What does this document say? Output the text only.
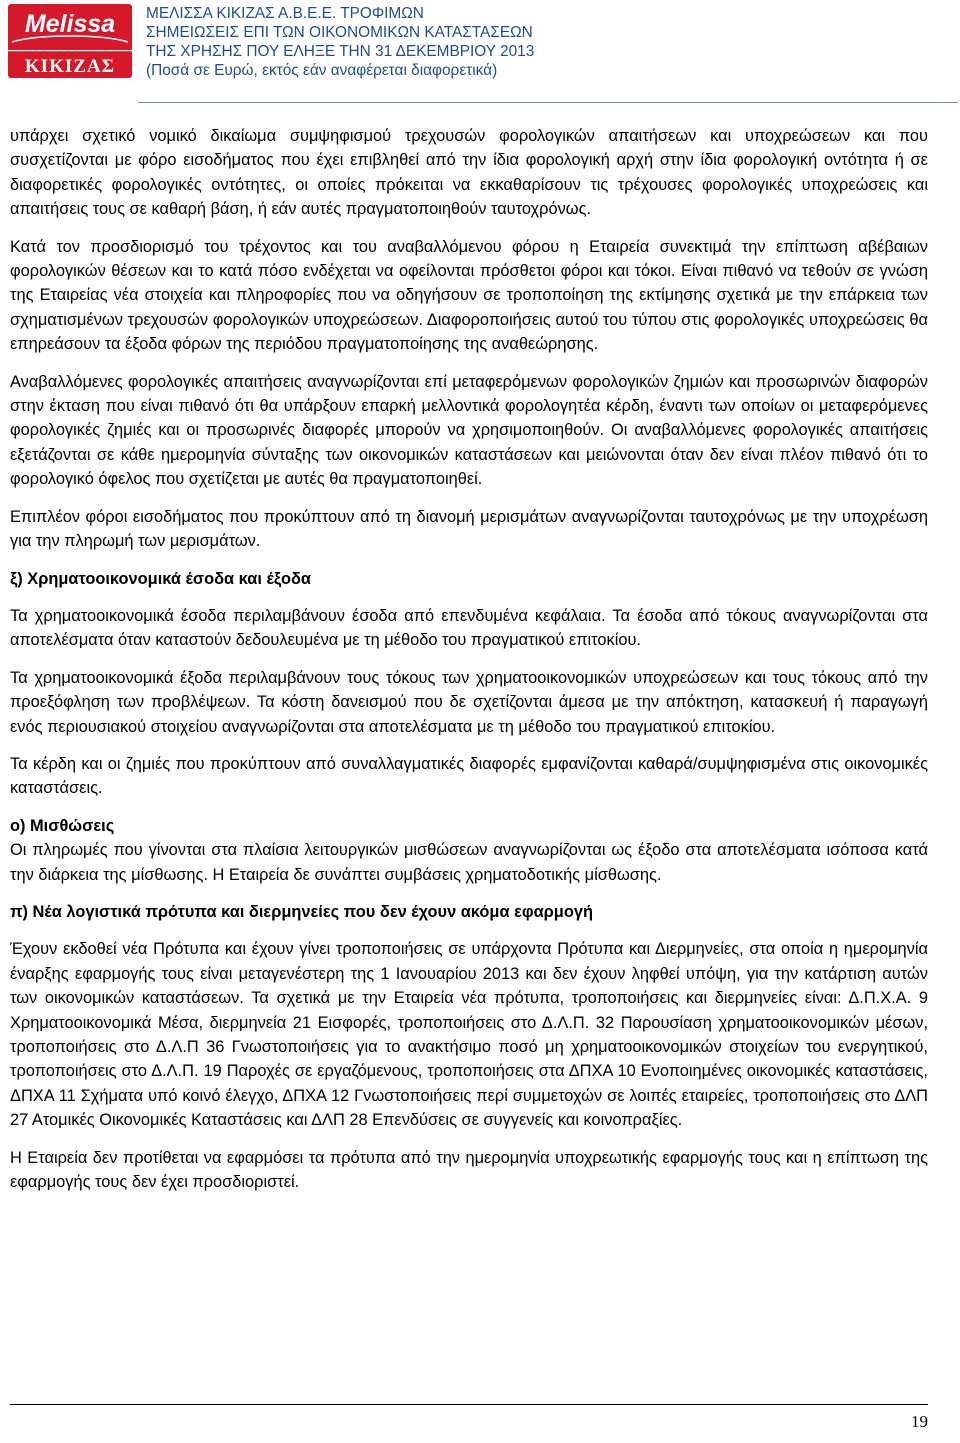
Melissa
ΚΙΚΙΖΑΣ
ΜΕΛΙΣΣΑ ΚΙΚΙΖΑΣ Α.Β.Ε.Ε. ΤΡΟΦΙΜΩΝ
ΣΗΜΕΙΩΣΕΙΣ ΕΠΙ ΤΩΝ ΟΙΚΟΝΟΜΙΚΩΝ ΚΑΤΑΣΤΑΣΕΩΝ
ΤΗΣ ΧΡΗΣΗΣ ΠΟΥ ΕΛΗΞΕ ΤΗΝ 31 ΔΕΚΕΜΒΡΙΟΥ 2013
(Ποσά σε Ευρώ, εκτός εάν αναφέρεται διαφορετικά)

υπάρχει σχετικό νομικό δικαίωμα συμψηφισμού τρεχουσών φορολογικών απαιτήσεων και υποχρεώσεων και που συσχετίζονται με φόρο εισοδήματος που έχει επιβληθεί από την ίδια φορολογική αρχή στην ίδια φορολογική οντότητα ή σε διαφορετικές φορολογικές οντότητες, οι οποίες πρόκειται να εκκαθαρίσουν τις τρέχουσες φορολογικές υποχρεώσεις και απαιτήσεις τους σε καθαρή βάση, ή εάν αυτές πραγματοποιηθούν ταυτοχρόνως.

Κατά τον προσδιορισμό του τρέχοντος και του αναβαλλόμενου φόρου η Εταιρεία συνεκτιμά την επίπτωση αβέβαιων φορολογικών θέσεων και το κατά πόσο ενδέχεται να οφείλονται πρόσθετοι φόροι και τόκοι. Είναι πιθανό να τεθούν σε γνώση της Εταιρείας νέα στοιχεία και πληροφορίες που να οδηγήσουν σε τροποποίηση της εκτίμησης σχετικά με την επάρκεια των σχηματισμένων τρεχουσών φορολογικών υποχρεώσεων. Διαφοροποιήσεις αυτού του τύπου στις φορολογικές υποχρεώσεις θα επηρεάσουν τα έξοδα φόρων της περιόδου πραγματοποίησης της αναθεώρησης.

Αναβαλλόμενες φορολογικές απαιτήσεις αναγνωρίζονται επί μεταφερόμενων φορολογικών ζημιών και προσωρινών διαφορών στην έκταση που είναι πιθανό ότι θα υπάρξουν επαρκή μελλοντικά φορολογητέα κέρδη, έναντι των οποίων οι μεταφερόμενες φορολογικές ζημιές και οι προσωρινές διαφορές μπορούν να χρησιμοποιηθούν. Οι αναβαλλόμενες φορολογικές απαιτήσεις εξετάζονται σε κάθε ημερομηνία σύνταξης των οικονομικών καταστάσεων και μειώνονται όταν δεν είναι πλέον πιθανό ότι το φορολογικό όφελος που σχετίζεται με αυτές θα πραγματοποιηθεί.

Επιπλέον φόροι εισοδήματος που προκύπτουν από τη διανομή μερισμάτων αναγνωρίζονται ταυτοχρόνως με την υποχρέωση για την πληρωμή των μερισμάτων.

ξ) Χρηματοοικονομικά έσοδα και έξοδα

Τα χρηματοοικονομικά έσοδα περιλαμβάνουν έσοδα από επενδυμένα κεφάλαια. Τα έσοδα από τόκους αναγνωρίζονται στα αποτελέσματα όταν καταστούν δεδουλευμένα με τη μέθοδο του πραγματικού επιτοκίου.

Τα χρηματοοικονομικά έξοδα περιλαμβάνουν τους τόκους των χρηματοοικονομικών υποχρεώσεων και τους τόκους από την προεξόφληση των προβλέψεων. Τα κόστη δανεισμού που δε σχετίζονται άμεσα με την απόκτηση, κατασκευή ή παραγωγή ενός περιουσιακού στοιχείου αναγνωρίζονται στα αποτελέσματα με τη μέθοδο του πραγματικού επιτοκίου.

Τα κέρδη και οι ζημιές που προκύπτουν από συναλλαγματικές διαφορές εμφανίζονται καθαρά/συμψηφισμένα στις οικονομικές καταστάσεις.

ο) Μισθώσεις

Οι πληρωμές που γίνονται στα πλαίσια λειτουργικών μισθώσεων αναγνωρίζονται ως έξοδο στα αποτελέσματα ισόποσα κατά την διάρκεια της μίσθωσης. Η Εταιρεία δε συνάπτει συμβάσεις χρηματοδοτικής μίσθωσης.

π) Νέα λογιστικά πρότυπα και διερμηνείες που δεν έχουν ακόμα εφαρμογή

Έχουν εκδοθεί νέα Πρότυπα και έχουν γίνει τροποποιήσεις σε υπάρχοντα Πρότυπα και Διερμηνείες, στα οποία η ημερομηνία έναρξης εφαρμογής τους είναι μεταγενέστερη της 1 Ιανουαρίου 2013 και δεν έχουν ληφθεί υπόψη, για την κατάρτιση αυτών των οικονομικών καταστάσεων. Τα σχετικά με την Εταιρεία νέα πρότυπα, τροποποιήσεις και διερμηνείες είναι: Δ.Π.Χ.Α. 9 Χρηματοοικονομικά Μέσα, διερμηνεία 21 Εισφορές, τροποποιήσεις στο Δ.Λ.Π. 32 Παρουσίαση χρηματοοικονομικών μέσων, τροποποιήσεις στο Δ.Λ.Π 36 Γνωστοποιήσεις για το ανακτήσιμο ποσό μη χρηματοοικονομικών στοιχείων του ενεργητικού, τροποποιήσεις στο Δ.Λ.Π. 19 Παροχές σε εργαζόμενους, τροποποιήσεις στα ΔΠΧΑ 10 Ενοποιημένες οικονομικές καταστάσεις, ΔΠΧΑ 11 Σχήματα υπό κοινό έλεγχο, ΔΠΧΑ 12 Γνωστοποιήσεις περί συμμετοχών σε λοιπές εταιρείες, τροποποιήσεις στο ΔΛΠ 27 Ατομικές Οικονομικές Καταστάσεις και ΔΛΠ 28 Επενδύσεις σε συγγενείς και κοινοπραξίες.

Η Εταιρεία δεν προτίθεται να εφαρμόσει τα πρότυπα από την ημερομηνία υποχρεωτικής εφαρμογής τους και η επίπτωση της εφαρμογής τους δεν έχει προσδιοριστεί.

19
